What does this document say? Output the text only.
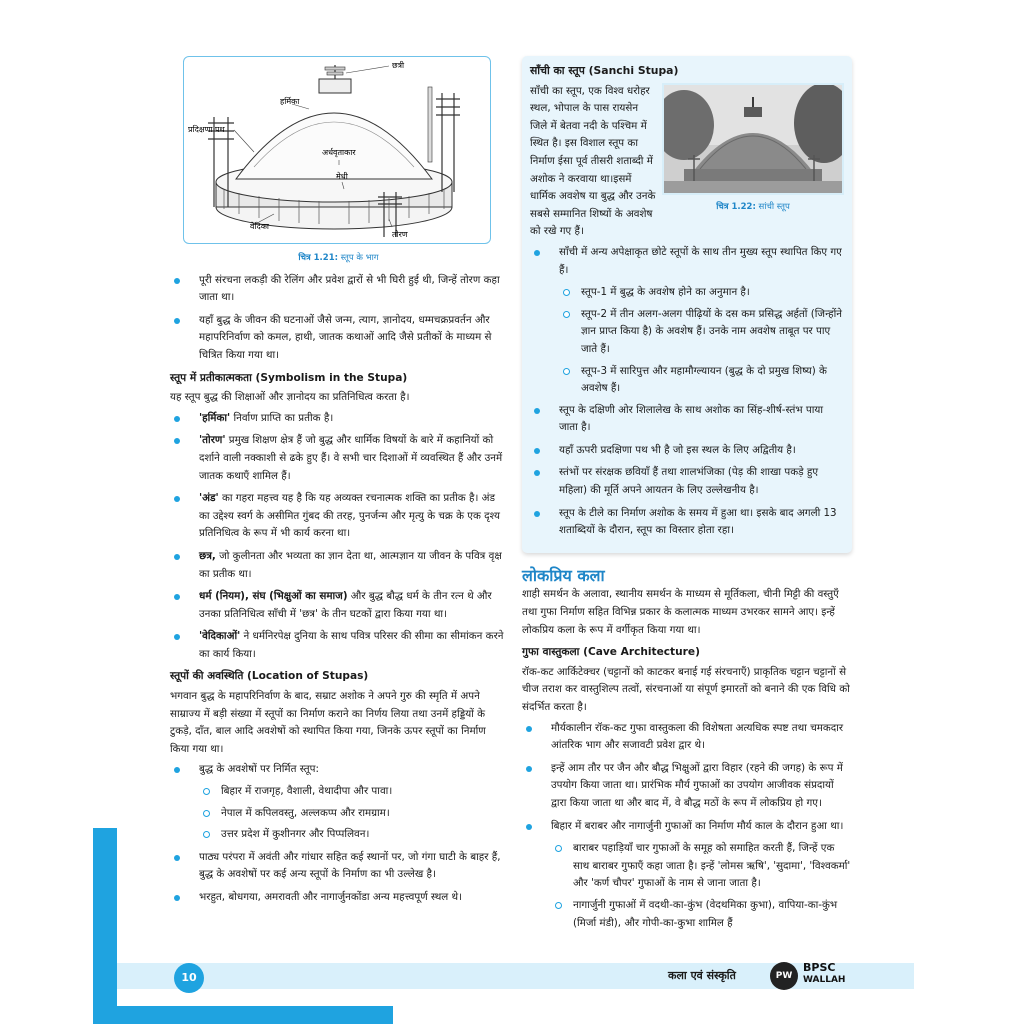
छत्री
हर्मिका
प्रदिक्षणा पथ
अर्धवृताकार
मेधी
वेदिका
तोरण
चित्र 1.21: स्तूप के भाग
पूरी संरचना लकड़ी की रेलिंग और प्रवेश द्वारों से भी घिरी हुई थी, जिन्हें तोरण कहा जाता था।
यहाँ बुद्ध के जीवन की घटनाओं जैसे जन्म, त्याग, ज्ञानोदय, धम्मचक्रप्रवर्तन और महापरिनिर्वाण को कमल, हाथी, जातक कथाओं आदि जैसे प्रतीकों के माध्यम से चित्रित किया गया था।
स्तूप में प्रतीकात्मकता (Symbolism in the Stupa)

यह स्तूप बुद्ध की शिक्षाओं और ज्ञानोदय का प्रतिनिधित्व करता है।

'हर्मिका' निर्वाण प्राप्ति का प्रतीक है।
'तोरण' प्रमुख शिक्षण क्षेत्र हैं जो बुद्ध और धार्मिक विषयों के बारे में कहानियों को दर्शाने वाली नक्काशी से ढके हुए हैं। वे सभी चार दिशाओं में व्यवस्थित हैं और उनमें जातक कथाएँ शामिल हैं।
'अंड' का गहरा महत्त्व यह है कि यह अव्यक्त रचनात्मक शक्ति का प्रतीक है। अंड का उद्देश्य स्वर्ग के असीमित गुंबद की तरह, पुनर्जन्म और मृत्यु के चक्र के एक दृश्य प्रतिनिधित्व के रूप में भी कार्य करना था।
छत्र, जो कुलीनता और भव्यता का ज्ञान देता था, आत्मज्ञान या जीवन के पवित्र वृक्ष का प्रतीक था।
धर्म (नियम), संघ (भिक्षुओं का समाज) और बुद्ध बौद्ध धर्म के तीन रत्न थे और उनका प्रतिनिधित्व साँची में 'छत्र' के तीन घटकों द्वारा किया गया था।
'वेदिकाओं' ने धर्मनिरपेक्ष दुनिया के साथ पवित्र परिसर की सीमा का सीमांकन करने का कार्य किया।
स्तूपों की अवस्थिति (Location of Stupas)

भगवान बुद्ध के महापरिनिर्वाण के बाद, सम्राट अशोक ने अपने गुरु की स्मृति में अपने साम्राज्य में बड़ी संख्या में स्तूपों का निर्माण कराने का निर्णय लिया तथा उनमें हड्डियों के टुकड़े, दाँत, बाल आदि अवशेषों को स्थापित किया गया, जिनके ऊपर स्तूपों का निर्माण किया गया था।

बुद्ध के अवशेषों पर निर्मित स्तूप:
बिहार में राजगृह, वैशाली, वेथादीपा और पावा।
नेपाल में कपिलवस्तु, अल्लकप्प और रामग्राम।
उत्तर प्रदेश में कुशीनगर और पिप्पलिवन।
पाठ्य परंपरा में अवंती और गांधार सहित कई स्थानों पर, जो गंगा घाटी के बाहर हैं, बुद्ध के अवशेषों पर कई अन्य स्तूपों के निर्माण का भी उल्लेख है।
भरहुत, बोधगया, अमरावती और नागार्जुनकोंडा अन्य महत्त्वपूर्ण स्थल थे।
साँची का स्तूप (Sanchi Stupa)
चित्र 1.22: सांची स्तूप

साँची का स्तूप, एक विश्व धरोहर स्थल, भोपाल के पास रायसेन जिले में बेतवा नदी के पश्चिम में स्थित है। इस विशाल स्तूप का निर्माण ईसा पूर्व तीसरी शताब्दी में अशोक ने करवाया था।इसमें धार्मिक अवशेष या बुद्ध और उनके सबसे सम्मानित शिष्यों के अवशेष को रखे गए हैं।

साँची में अन्य अपेक्षाकृत छोटे स्तूपों के साथ तीन मुख्य स्तूप स्थापित किए गए हैं।
स्तूप-1 में बुद्ध के अवशेष होने का अनुमान है।
स्तूप-2 में तीन अलग-अलग पीढ़ियों के दस कम प्रसिद्ध अर्हतों (जिन्होंने ज्ञान प्राप्त किया है) के अवशेष हैं। उनके नाम अवशेष ताबूत पर पाए जाते हैं।
स्तूप-3 में सारिपुत्त और महामौग्ल्यायन (बुद्ध के दो प्रमुख शिष्य) के अवशेष हैं।
स्तूप के दक्षिणी ओर शिलालेख के साथ अशोक का सिंह-शीर्ष-स्तंभ पाया जाता है।
यहाँ ऊपरी प्रदक्षिणा पथ भी है जो इस स्थल के लिए अद्वितीय है।
स्तंभों पर संरक्षक छवियाँ हैं तथा शालभंजिका (पेड़ की शाखा पकड़े हुए महिला) की मूर्ति अपने आयतन के लिए उल्लेखनीय है।
स्तूप के टीले का निर्माण अशोक के समय में हुआ था। इसके बाद अगली 13 शताब्दियों के दौरान, स्तूप का विस्तार होता रहा।
लोकप्रिय कला

शाही समर्थन के अलावा, स्थानीय समर्थन के माध्यम से मूर्तिकला, चीनी मिट्टी की वस्तुएँ तथा गुफा निर्माण सहित विभिन्न प्रकार के कलात्मक माध्यम उभरकर सामने आए। इन्हें लोकप्रिय कला के रूप में वर्गीकृत किया गया था।

गुफा वास्तुकला (Cave Architecture)

रॉक-कट आर्किटेक्चर (चट्टानों को काटकर बनाई गई संरचनाएँ) प्राकृतिक चट्टान चट्टानों से चीज तराश कर वास्तुशिल्प तत्वों, संरचनाओं या संपूर्ण इमारतों को बनाने की एक विधि को संदर्भित करता है।

मौर्यकालीन रॉक-कट गुफा वास्तुकला की विशेषता अत्यधिक स्पष्ट तथा चमकदार आंतरिक भाग और सजावटी प्रवेश द्वार थे।
इन्हें आम तौर पर जैन और बौद्ध भिक्षुओं द्वारा विहार (रहने की जगह) के रूप में उपयोग किया जाता था। प्रारंभिक मौर्य गुफाओं का उपयोग आजीवक संप्रदायों द्वारा किया जाता था और बाद में, वे बौद्ध मठों के रूप में लोकप्रिय हो गए।
बिहार में बराबर और नागार्जुनी गुफाओं का निर्माण मौर्य काल के दौरान हुआ था।
बाराबर पहाड़ियाँ चार गुफाओं के समूह को समाहित करती हैं, जिन्हें एक साथ बाराबर गुफाएँ कहा जाता है। इन्हें 'लोमस ऋषि', 'सुदामा', 'विश्वकर्मा' और 'कर्ण चौपर' गुफाओं के नाम से जाना जाता है।
नागार्जुनी गुफाओं में वदथी-का-कुंभ (वेदथमिका कुभा), वापिया-का-कुंभ (मिर्जा मंडी), और गोपी-का-कुभा शामिल हैं
10	कला एवं संस्कृति	PW
BPSC
WALLAH
